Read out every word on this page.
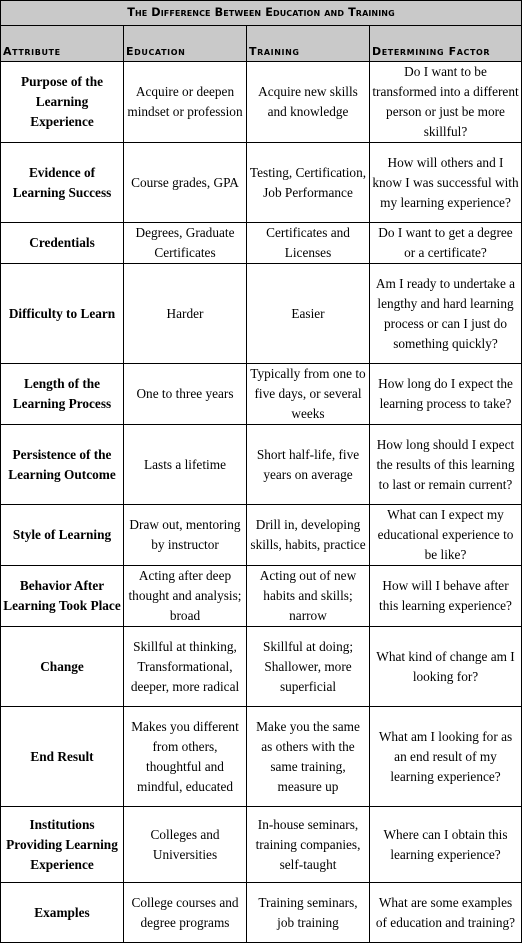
The Difference Between Education and Training			
Attribute	Education	Training	Determining Factor
Purpose of the Learning Experience	Acquire or deepen mindset or profession	Acquire new skills and knowledge	Do I want to be transformed into a different person or just be more skillful?
Evidence of Learning Success	Course grades, GPA	Testing, Certification, Job Performance	How will others and I know I was successful with my learning experience?
Credentials	Degrees, Graduate Certificates	Certificates and Licenses	Do I want to get a degree or a certificate?
Difficulty to Learn	Harder	Easier	Am I ready to undertake a lengthy and hard learning process or can I just do something quickly?
Length of the Learning Process	One to three years	Typically from one to five days, or several weeks	How long do I expect the learning process to take?
Persistence of the Learning Outcome	Lasts a lifetime	Short half-life, five years on average	How long should I expect the results of this learning to last or remain current?
Style of Learning	Draw out, mentoring by instructor	Drill in, developing skills, habits, practice	What can I expect my educational experience to be like?
Behavior After Learning Took Place	Acting after deep thought and analysis; broad	Acting out of new habits and skills; narrow	How will I behave after this learning experience?
Change	Skillful at thinking, Transformational, deeper, more radical	Skillful at doing; Shallower, more superficial	What kind of change am I looking for?
End Result	Makes you different from others, thoughtful and mindful, educated	Make you the same as others with the same training, measure up	What am I looking for as an end result of my learning experience?
Institutions Providing Learning Experience	Colleges and Universities	In-house seminars, training companies, self-taught	Where can I obtain this learning experience?
Examples	College courses and degree programs	Training seminars, job training	What are some examples of education and training?
